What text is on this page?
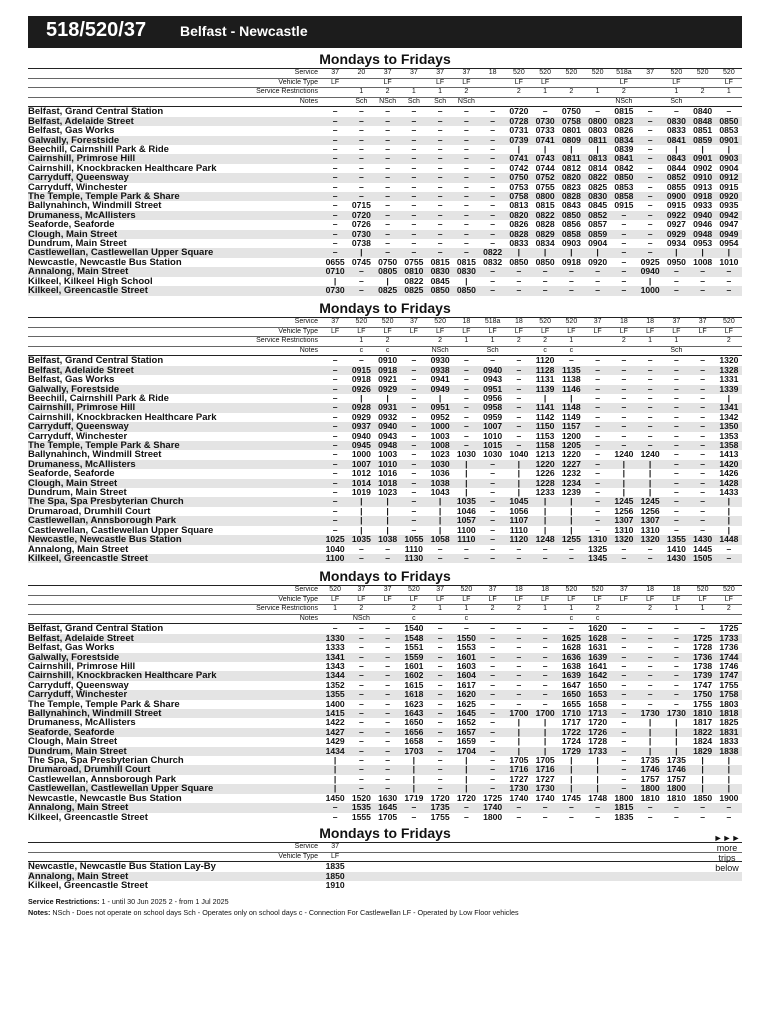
518/520/37 Belfast - Newcastle
Mondays to Fridays
Service	37	20	37	37	37	37	18	520	520	520	520	518a	37	520	520	520
Vehicle Type	LF		LF		LF	LF		LF	LF			LF		LF		LF
Service Restrictions		1	2	1	1	2		2	1	2	1	2		1	2	1
Notes		Sch	NSch	Sch	Sch	NSch						NSch		Sch		
Belfast, Grand Central Station	–	–	–	–	–	–	–	0720	–	0750	–	0815	–	–	0840	–
Belfast, Adelaide Street	–	–	–	–	–	–	–	0728	0730	0758	0800	0823	–	0830	0848	0850
Belfast, Gas Works	–	–	–	–	–	–	–	0731	0733	0801	0803	0826	–	0833	0851	0853
Galwally, Forestside	–	–	–	–	–	–	–	0739	0741	0809	0811	0834	–	0841	0859	0901
Beechill, Cairnshill Park & Ride	–	–	–	–	–	–	–	|	|	|	|	0839	–	|	|	|
Cairnshill, Primrose Hill	–	–	–	–	–	–	–	0741	0743	0811	0813	0841	–	0843	0901	0903
Cairnshill, Knockbracken Healthcare Park	–	–	–	–	–	–	–	0742	0744	0812	0814	0842	–	0844	0902	0904
Carryduff, Queensway	–	–	–	–	–	–	–	0750	0752	0820	0822	0850	–	0852	0910	0912
Carryduff, Winchester	–	–	–	–	–	–	–	0753	0755	0823	0825	0853	–	0855	0913	0915
The Temple, Temple Park & Share	–	–	–	–	–	–	–	0758	0800	0828	0830	0858	–	0900	0918	0920
Ballynahinch, Windmill Street	–	0715	–	–	–	–	–	0813	0815	0843	0845	0915	–	0915	0933	0935
Drumaness, McAllisters	–	0720	–	–	–	–	–	0820	0822	0850	0852	–	–	0922	0940	0942
Seaforde, Seaforde	–	0726	–	–	–	–	–	0826	0828	0856	0857	–	–	0927	0946	0947
Clough, Main Street	–	0730	–	–	–	–	–	0828	0829	0858	0859	–	–	0929	0948	0949
Dundrum, Main Street	–	0738	–	–	–	–	–	0833	0834	0903	0904	–	–	0934	0953	0954
Castlewellan, Castlewellan Upper Square	–	|	–	–	–	–	0822	|	|	|	|	–	–	|	|	|
Newcastle, Newcastle Bus Station	0655	0745	0750	0755	0815	0815	0832	0850	0850	0918	0920	–	0925	0950	1008	1010
Annalong, Main Street	0710	–	0805	0810	0830	0830	–	–	–	–	–	–	0940	–	–	–
Kilkeel, Kilkeel High School	|	–	|	0822	0845	|	–	–	–	–	–	–	|	–	–	–
Kilkeel, Greencastle Street	0730	–	0825	0825	0850	0850	–	–	–	–	–	–	1000	–	–	–
Mondays to Fridays
Service	37	520	520	37	520	18	518a	18	520	520	37	18	18	37	37	520
Vehicle Type	LF	LF	LF	LF	LF	LF	LF	LF	LF	LF	LF	LF	LF	LF	LF	LF
Service Restrictions		1	2		2	1	1	2	2	1		2	1	1		2
Notes		c	c		NSch		Sch		c	c				Sch		
Belfast, Grand Central Station	–	–	0910	–	0930	–	–	–	1120	–	–	–	–	–	–	1320
Belfast, Adelaide Street	–	0915	0918	–	0938	–	0940	–	1128	1135	–	–	–	–	–	1328
Belfast, Gas Works	–	0918	0921	–	0941	–	0943	–	1131	1138	–	–	–	–	–	1331
Galwally, Forestside	–	0926	0929	–	0949	–	0951	–	1139	1146	–	–	–	–	–	1339
Beechill, Cairnshill Park & Ride	–	|	|	–	|	–	0956	–	|	|	–	–	–	–	–	|
Cairnshill, Primrose Hill	–	0928	0931	–	0951	–	0958	–	1141	1148	–	–	–	–	–	1341
Cairnshill, Knockbracken Healthcare Park	–	0929	0932	–	0952	–	0959	–	1142	1149	–	–	–	–	–	1342
Carryduff, Queensway	–	0937	0940	–	1000	–	1007	–	1150	1157	–	–	–	–	–	1350
Carryduff, Winchester	–	0940	0943	–	1003	–	1010	–	1153	1200	–	–	–	–	–	1353
The Temple, Temple Park & Share	–	0945	0948	–	1008	–	1015	–	1158	1205	–	–	–	–	–	1358
Ballynahinch, Windmill Street	–	1000	1003	–	1023	1030	1030	1040	1213	1220	–	1240	1240	–	–	1413
Drumaness, McAllisters	–	1007	1010	–	1030	|	–	|	1220	1227	–	|	|	–	–	1420
Seaforde, Seaforde	–	1012	1016	–	1036	|	–	|	1226	1232	–	|	|	–	–	1426
Clough, Main Street	–	1014	1018	–	1038	|	–	|	1228	1234	–	|	|	–	–	1428
Dundrum, Main Street	–	1019	1023	–	1043	|	–	|	1233	1239	–	|	|	–	–	1433
The Spa, Spa Presbyterian Church	–	|	|	–	|	1035	–	1045	|	|	–	1245	1245	–	–	|
Drumaroad, Drumhill Court	–	|	|	–	|	1046	–	1056	|	|	–	1256	1256	–	–	|
Castlewellan, Annsborough Park	–	|	|	–	|	1057	–	1107	|	|	–	1307	1307	–	–	|
Castlewellan, Castlewellan Upper Square	–	|	|	–	|	1100	–	1110	|	|	–	1310	1310	–	–	|
Newcastle, Newcastle Bus Station	1025	1035	1038	1055	1058	1110	–	1120	1248	1255	1310	1320	1320	1355	1430	1448
Annalong, Main Street	1040	–	–	1110	–	–	–	–	–	–	1325	–	–	1410	1445	–
Kilkeel, Greencastle Street	1100	–	–	1130	–	–	–	–	–	–	1345	–	–	1430	1505	–
Mondays to Fridays
Service	520	37	37	520	37	520	37	18	18	520	520	37	18	18	520	520
Vehicle Type	LF	LF	LF	LF	LF	LF	LF	LF	LF	LF	LF	LF	LF	LF	LF	LF
Service Restrictions	1	2		2	1	1	2	2	1	1	2		2	1	1	2
Notes		NSch		c		c				c	c					
Belfast, Grand Central Station	–	–	–	1540	–	–	–	–	–	–	1620	–	–	–	–	1725
Belfast, Adelaide Street	1330	–	–	1548	–	1550	–	–	–	1625	1628	–	–	–	1725	1733
Belfast, Gas Works	1333	–	–	1551	–	1553	–	–	–	1628	1631	–	–	–	1728	1736
Galwally, Forestside	1341	–	–	1559	–	1601	–	–	–	1636	1639	–	–	–	1736	1744
Cairnshill, Primrose Hill	1343	–	–	1601	–	1603	–	–	–	1638	1641	–	–	–	1738	1746
Cairnshill, Knockbracken Healthcare Park	1344	–	–	1602	–	1604	–	–	–	1639	1642	–	–	–	1739	1747
Carryduff, Queensway	1352	–	–	1615	–	1617	–	–	–	1647	1650	–	–	–	1747	1755
Carryduff, Winchester	1355	–	–	1618	–	1620	–	–	–	1650	1653	–	–	–	1750	1758
The Temple, Temple Park & Share	1400	–	–	1623	–	1625	–	–	–	1655	1658	–	–	–	1755	1803
Ballynahinch, Windmill Street	1415	–	–	1643	–	1645	–	1700	1700	1710	1713	–	1730	1730	1810	1818
Drumaness, McAllisters	1422	–	–	1650	–	1652	–	|	|	1717	1720	–	|	|	1817	1825
Seaforde, Seaforde	1427	–	–	1656	–	1657	–	|	|	1722	1726	–	|	|	1822	1831
Clough, Main Street	1429	–	–	1658	–	1659	–	|	|	1724	1728	–	|	|	1824	1833
Dundrum, Main Street	1434	–	–	1703	–	1704	–	|	|	1729	1733	–	|	|	1829	1838
The Spa, Spa Presbyterian Church	|	–	–	|	–	|	–	1705	1705	|	|	–	1735	1735	|	|
Drumaroad, Drumhill Court	|	–	–	|	–	|	–	1716	1716	|	|	–	1746	1746	|	|
Castlewellan, Annsborough Park	|	–	–	|	–	|	–	1727	1727	|	|	–	1757	1757	|	|
Castlewellan, Castlewellan Upper Square	|	–	–	|	–	|	–	1730	1730	|	|	–	1800	1800	|	|
Newcastle, Newcastle Bus Station	1450	1520	1630	1719	1720	1720	1725	1740	1740	1745	1748	1800	1810	1810	1850	1900
Annalong, Main Street	–	1535	1645	–	1735	–	1740	–	–	–	–	1815	–	–	–	–
Kilkeel, Greencastle Street	–	1555	1705	–	1755	–	1800	–	–	–	–	1835	–	–	–	–
Mondays to Fridays
Service	37															
Vehicle Type	LF															
Newcastle, Newcastle Bus Station Lay-By	1835															
Annalong, Main Street	1850															
Kilkeel, Greencastle Street	1910															
►►►
more trips below
Service Restrictions: 1 - until 30 Jun 2025 2 - from 1 Jul 2025
Notes: NSch - Does not operate on school days Sch - Operates only on school days c - Connection For Castlewellan LF - Operated by Low Floor vehicles
